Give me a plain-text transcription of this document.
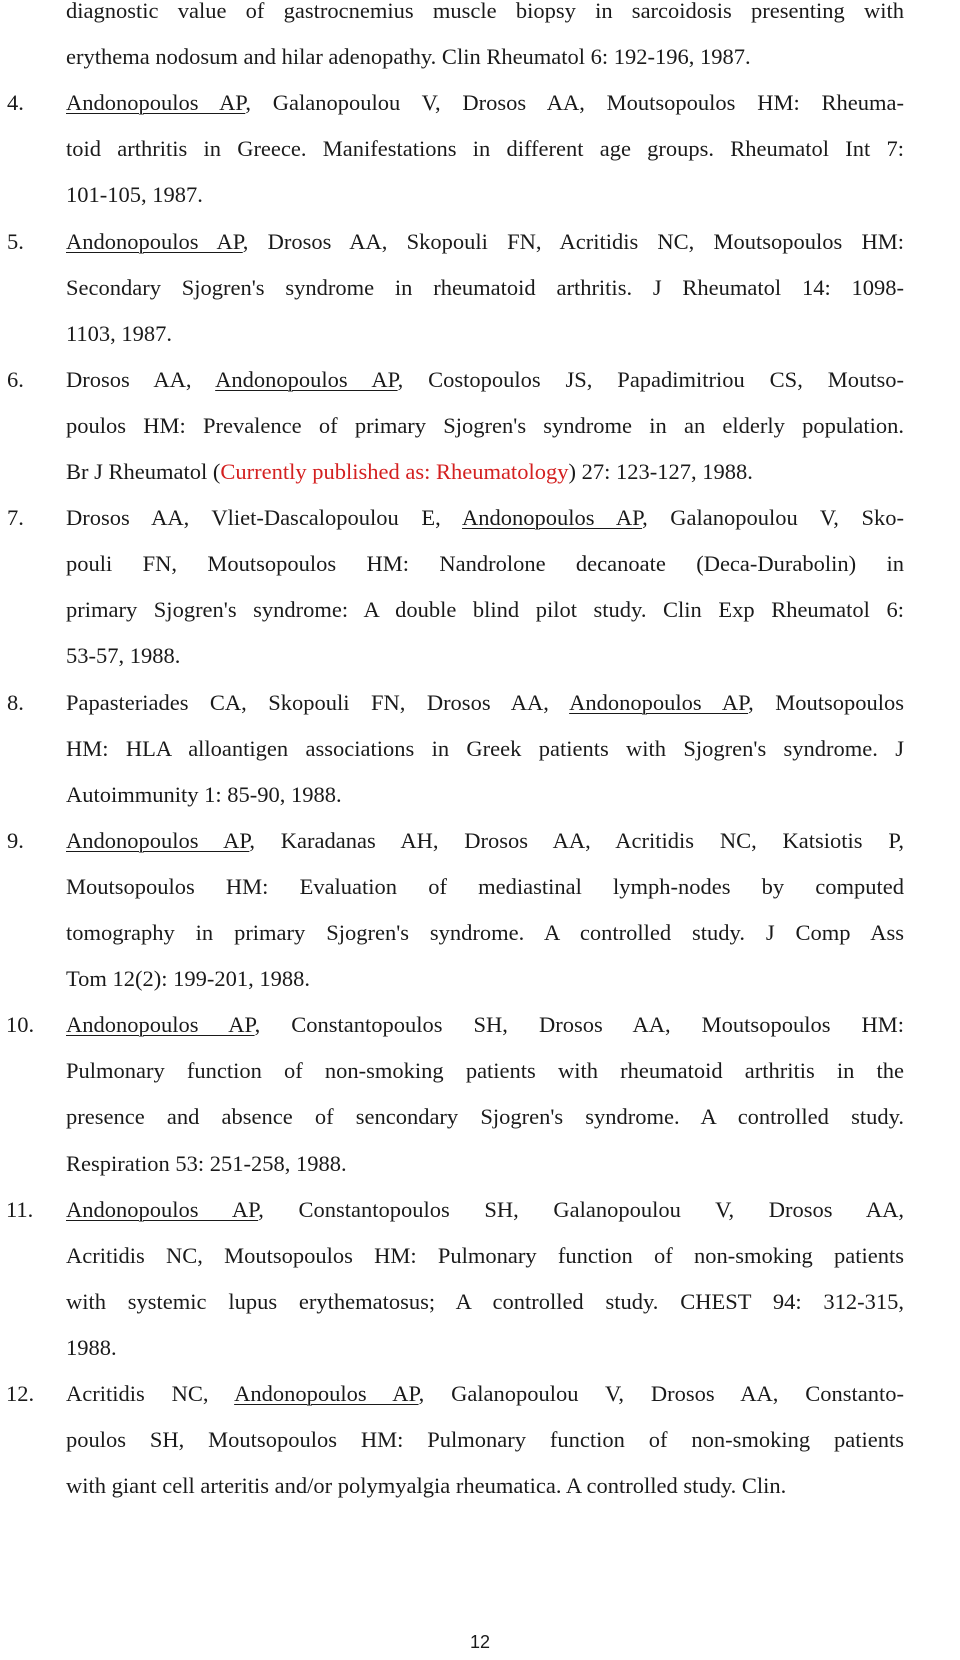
diagnostic value of gastrocnemius muscle biopsy in sarcoidosis presenting with
erythema nodosum and hilar adenopathy. Clin Rheumatol 6: 192-196, 1987.
4. Andonopoulos AP, Galanopoulou V, Drosos AA, Moutsopoulos HM: Rheuma-
toid arthritis in Greece. Manifestations in different age groups. Rheumatol Int 7:
101-105, 1987.
5. Andonopoulos AP, Drosos AA, Skopouli FN, Acritidis NC, Moutsopoulos HM:
Secondary Sjogren's syndrome in rheumatoid arthritis. J Rheumatol 14: 1098-
1103, 1987.
6. Drosos AA, Andonopoulos AP, Costopoulos JS, Papadimitriou CS, Moutso-
poulos HM: Prevalence of primary Sjogren's syndrome in an elderly population.
Br J Rheumatol (Currently published as: Rheumatology) 27: 123-127, 1988.
7. Drosos AA, Vliet-Dascalopoulou E, Andonopoulos AP, Galanopoulou V, Sko-
pouli FN, Moutsopoulos HM: Nandrolone decanoate (Deca-Durabolin) in
primary Sjogren's syndrome: A double blind pilot study. Clin Exp Rheumatol 6:
53-57, 1988.
8. Papasteriades CA, Skopouli FN, Drosos AA, Andonopoulos AP, Moutsopoulos
HM: HLA alloantigen associations in Greek patients with Sjogren's syndrome. J
Autoimmunity 1: 85-90, 1988.
9. Andonopoulos AP, Karadanas AH, Drosos AA, Acritidis NC, Katsiotis P,
Moutsopoulos HM: Evaluation of mediastinal lymph-nodes by computed
tomography in primary Sjogren's syndrome. A controlled study. J Comp Ass
Tom 12(2): 199-201, 1988.
10. Andonopoulos AP, Constantopoulos SH, Drosos AA, Moutsopoulos HM:
Pulmonary function of non-smoking patients with rheumatoid arthritis in the
presence and absence of sencondary Sjogren's syndrome. A controlled study.
Respiration 53: 251-258, 1988.
11. Andonopoulos AP, Constantopoulos SH, Galanopoulou V, Drosos AA,
Acritidis NC, Moutsopoulos HM: Pulmonary function of non-smoking patients
with systemic lupus erythematosus; A controlled study. CHEST 94: 312-315,
1988.
12. Acritidis NC, Andonopoulos AP, Galanopoulou V, Drosos AA, Constanto-
poulos SH, Moutsopoulos HM: Pulmonary function of non-smoking patients
with giant cell arteritis and/or polymyalgia rheumatica. A controlled study. Clin.
12
